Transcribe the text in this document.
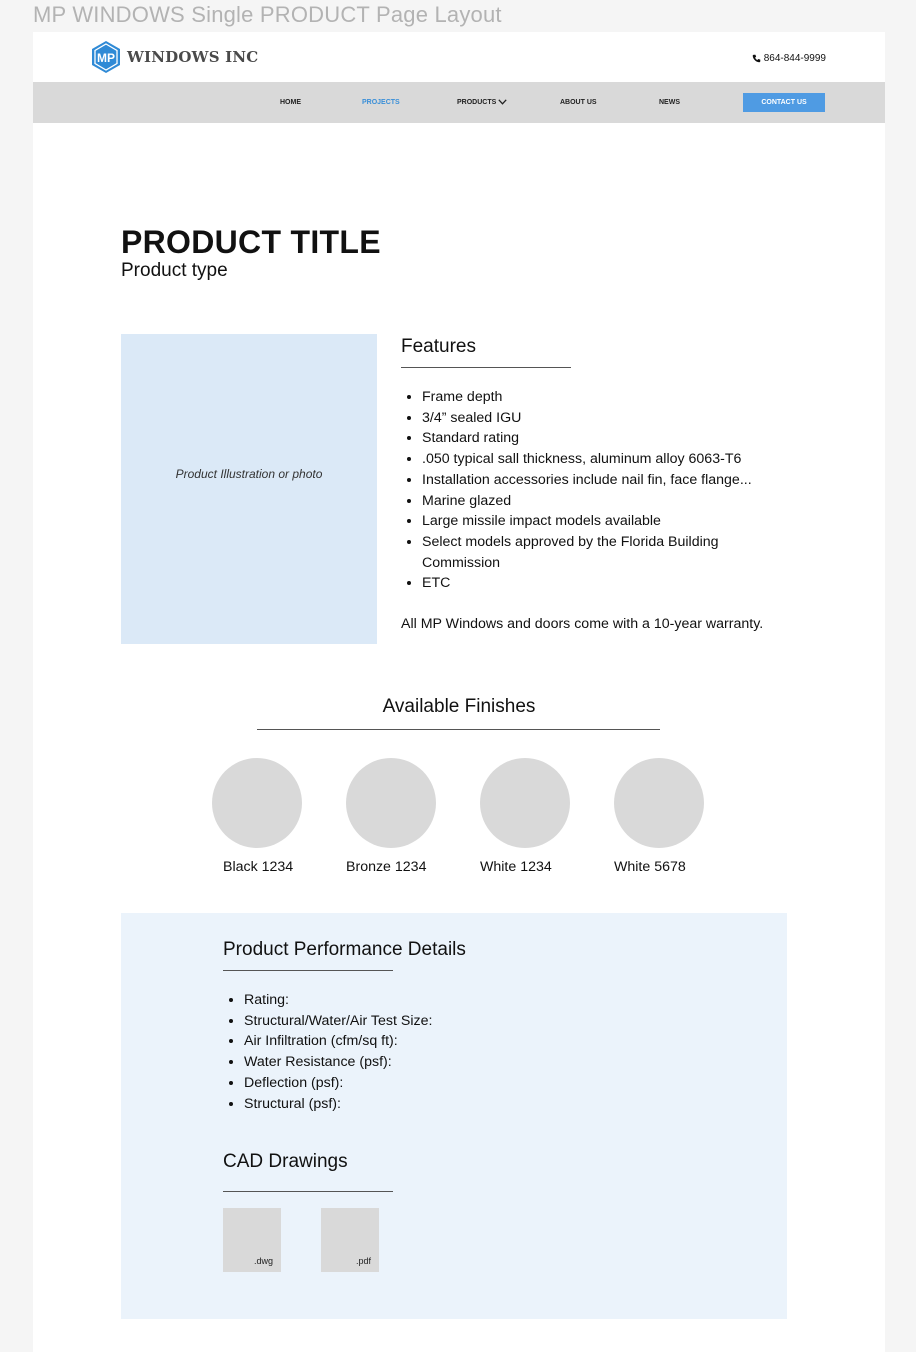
MP WINDOWS Single PRODUCT Page Layout
MP WINDOWS INC	864-844-9999
HOME	PROJECTS	PRODUCTS	ABOUT US	NEWS	CONTACT US
PRODUCT TITLE
Product type
Product Illustration or photo
Features
• Frame depth
• 3/4” sealed IGU
• Standard rating
• .050 typical sall thickness, aluminum alloy 6063-T6
• Installation accessories include nail fin, face flange...
• Marine glazed
• Large missile impact models available
• Select models approved by the Florida Building Commission
• ETC
All MP Windows and doors come with a 10-year warranty.
Available Finishes
Black 1234	Bronze 1234	White 1234	White 5678
Product Performance Details
• Rating:
• Structural/Water/Air Test Size:
• Air Infiltration (cfm/sq ft):
• Water Resistance (psf):
• Deflection (psf):
• Structural (psf):
CAD Drawings
.dwg	.pdf
